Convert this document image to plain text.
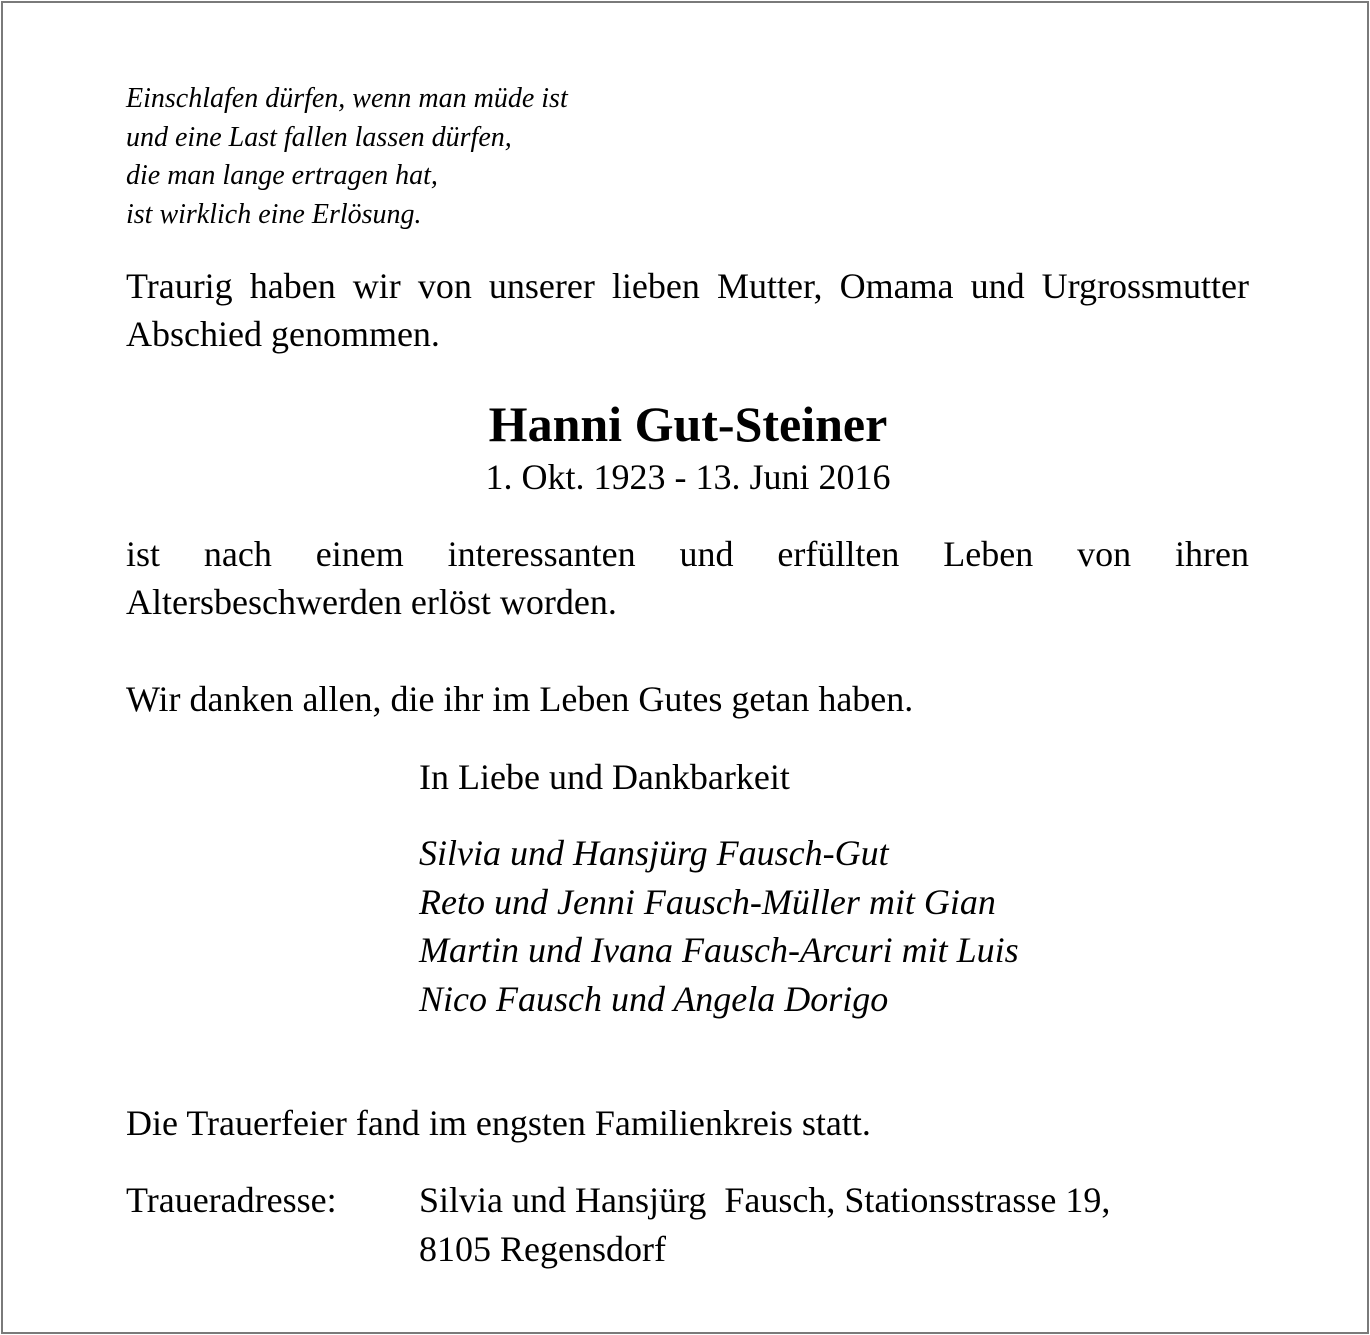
Einschlafen dürfen, wenn man müde ist
und eine Last fallen lassen dürfen,
die man lange ertragen hat,
ist wirklich eine Erlösung.
Traurig haben wir von unserer lieben Mutter, Omama und Urgrossmutter Abschied genommen.
Hanni Gut-Steiner
1. Okt. 1923 - 13. Juni 2016
ist nach einem interessanten und erfüllten Leben von ihren Altersbeschwerden erlöst worden.
Wir danken allen, die ihr im Leben Gutes getan haben.
In Liebe und Dankbarkeit
Silvia und Hansjürg Fausch-Gut
Reto und Jenni Fausch-Müller mit Gian
Martin und Ivana Fausch-Arcuri mit Luis
Nico Fausch und Angela Dorigo
Die Trauerfeier fand im engsten Familienkreis statt.
Traueradresse: Silvia und Hansjürg  Fausch, Stationsstrasse 19,
8105 Regensdorf
